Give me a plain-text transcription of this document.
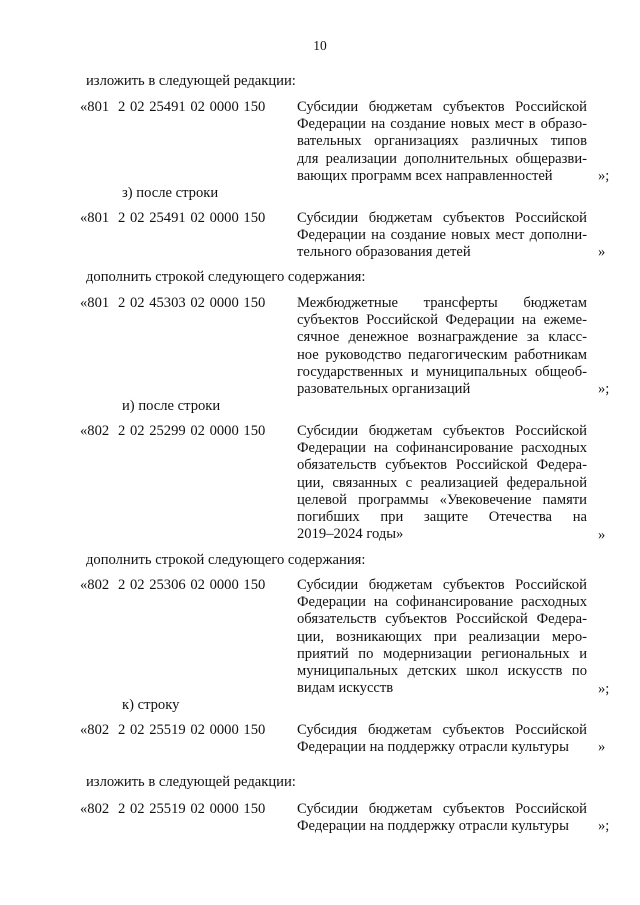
10
изложить в следующей редакции:
«801 2 02 25491 02 0000 150 Субсидии бюджетам субъектов Российской
Федерации на создание новых мест в образо-
вательных организациях различных типов
для реализации дополнительных общеразви-
вающих программ всех направленностей	»;
з) после строки
«801 2 02 25491 02 0000 150 Субсидии бюджетам субъектов Российской
Федерации на создание новых мест дополни-
тельного образования детей	»
дополнить строкой следующего содержания:
«801 2 02 45303 02 0000 150 Межбюджетные трансферты бюджетам
субъектов Российской Федерации на ежеме-
сячное денежное вознаграждение за класс-
ное руководство педагогическим работникам
государственных и муниципальных общеоб-
разовательных организаций	»;
и) после строки
«802 2 02 25299 02 0000 150 Субсидии бюджетам субъектов Российской
Федерации на софинансирование расходных
обязательств субъектов Российской Федера-
ции, связанных с реализацией федеральной
целевой программы «Увековечение памяти
погибших при защите Отечества на
2019–2024 годы»	»
дополнить строкой следующего содержания:
«802 2 02 25306 02 0000 150 Субсидии бюджетам субъектов Российской
Федерации на софинансирование расходных
обязательств субъектов Российской Федера-
ции, возникающих при реализации меро-
приятий по модернизации региональных и
муниципальных детских школ искусств по
видам искусств	»;
к) строку
«802 2 02 25519 02 0000 150 Субсидия бюджетам субъектов Российской
Федерации на поддержку отрасли культуры	»
изложить в следующей редакции:
«802 2 02 25519 02 0000 150 Субсидии бюджетам субъектов Российской
Федерации на поддержку отрасли культуры	»;
